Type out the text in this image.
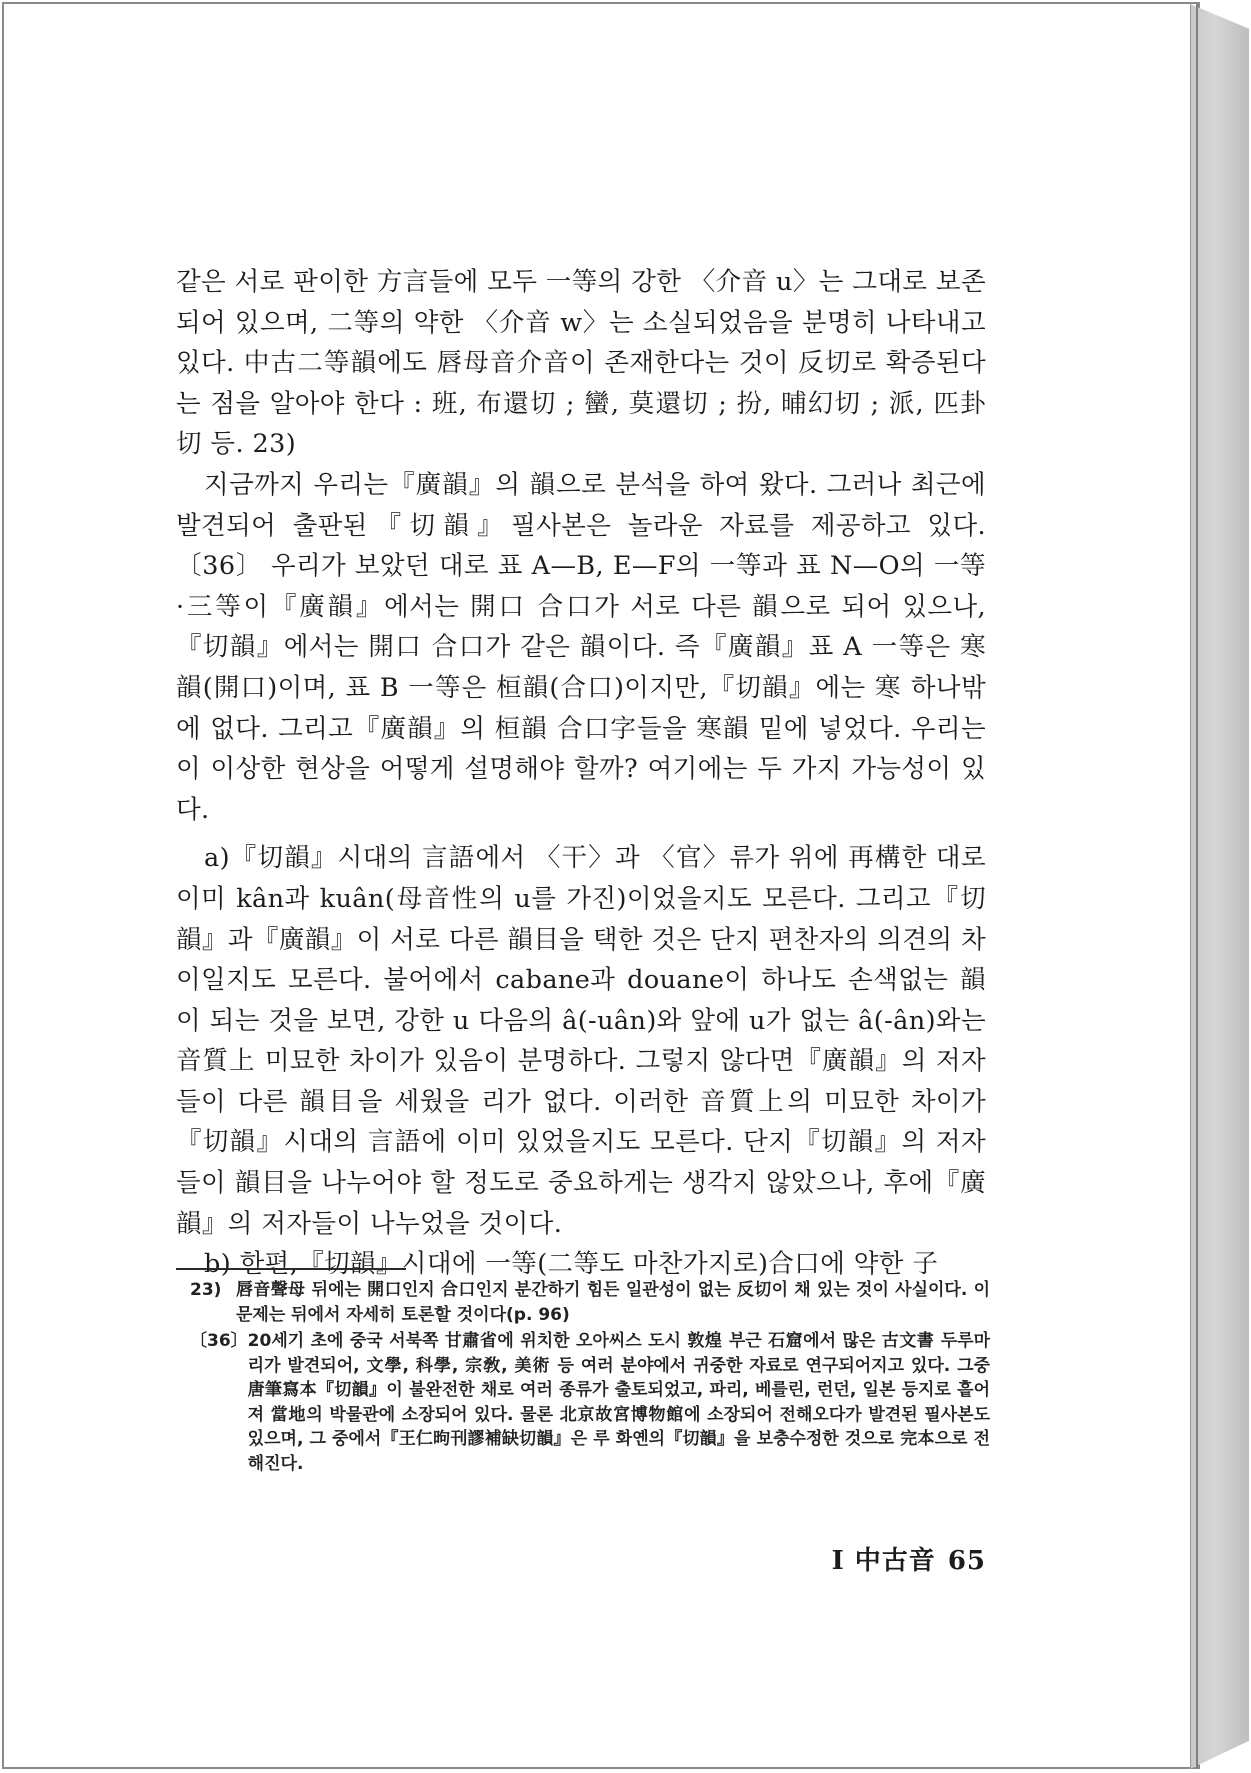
같은 서로 판이한 方言들에 모두 一等의 강한 〈介音 u〉는 그대로 보존되어 있으며, 二等의 약한 〈介音 w〉는 소실되었음을 분명히 나타내고 있다. 中古二等韻에도 唇母音介音이 존재한다는 것이 反切로 확증된다는 점을 알아야 한다 : 班, 布還切 ; 蠻, 莫還切 ; 扮, 晡幻切 ; 派, 匹卦切 등. 23)

지금까지 우리는『廣韻』의 韻으로 분석을 하여 왔다. 그러나 최근에 발견되어 출판된『切韻』필사본은 놀라운 자료를 제공하고 있다. 〔36〕 우리가 보았던 대로 표 A—B, E—F의 一等과 표 N—O의 一等·三等이『廣韻』에서는 開口 合口가 서로 다른 韻으로 되어 있으나,『切韻』에서는 開口 合口가 같은 韻이다. 즉『廣韻』표 A 一等은 寒韻(開口)이며, 표 B 一等은 桓韻(合口)이지만,『切韻』에는 寒 하나밖에 없다. 그리고『廣韻』의 桓韻 合口字들을 寒韻 밑에 넣었다. 우리는 이 이상한 현상을 어떻게 설명해야 할까? 여기에는 두 가지 가능성이 있다.

a)『切韻』시대의 言語에서 〈干〉과 〈官〉류가 위에 再構한 대로 이미 kân과 kuân(母音性의 u를 가진)이었을지도 모른다. 그리고『切韻』과『廣韻』이 서로 다른 韻目을 택한 것은 단지 편찬자의 의견의 차이일지도 모른다. 불어에서 cabane과 douane이 하나도 손색없는 韻이 되는 것을 보면, 강한 u 다음의 â(-uân)와 앞에 u가 없는 â(-ân)와는 音質上 미묘한 차이가 있음이 분명하다. 그렇지 않다면『廣韻』의 저자들이 다른 韻目을 세웠을 리가 없다. 이러한 音質上의 미묘한 차이가『切韻』시대의 言語에 이미 있었을지도 모른다. 단지『切韻』의 저자들이 韻目을 나누어야 할 정도로 중요하게는 생각지 않았으나, 후에『廣韻』의 저자들이 나누었을 것이다.

b) 한편,『切韻』시대에 一等(二等도 마찬가지로)合口에 약한 子

23) 唇音聲母 뒤에는 開口인지 合口인지 분간하기 힘든 일관성이 없는 反切이 채 있는 것이 사실이다. 이 문제는 뒤에서 자세히 토론할 것이다(p. 96)
〔36〕 20세기 초에 중국 서북쪽 甘肅省에 위치한 오아씨스 도시 敦煌 부근 石窟에서 많은 古文書 두루마리가 발견되어, 文學, 科學, 宗敎, 美術 등 여러 분야에서 귀중한 자료로 연구되어지고 있다. 그중 唐筆寫本『切韻』이 불완전한 채로 여러 종류가 출토되었고, 파리, 베를린, 런던, 일본 등지로 흩어져 當地의 박물관에 소장되어 있다. 물론 北京故宮博物館에 소장되어 전해오다가 발견된 필사본도 있으며, 그 중에서『王仁昫刊謬補缺切韻』은 루 화옌의『切韻』을 보충수정한 것으로 完本으로 전해진다.
I 中古音 65
